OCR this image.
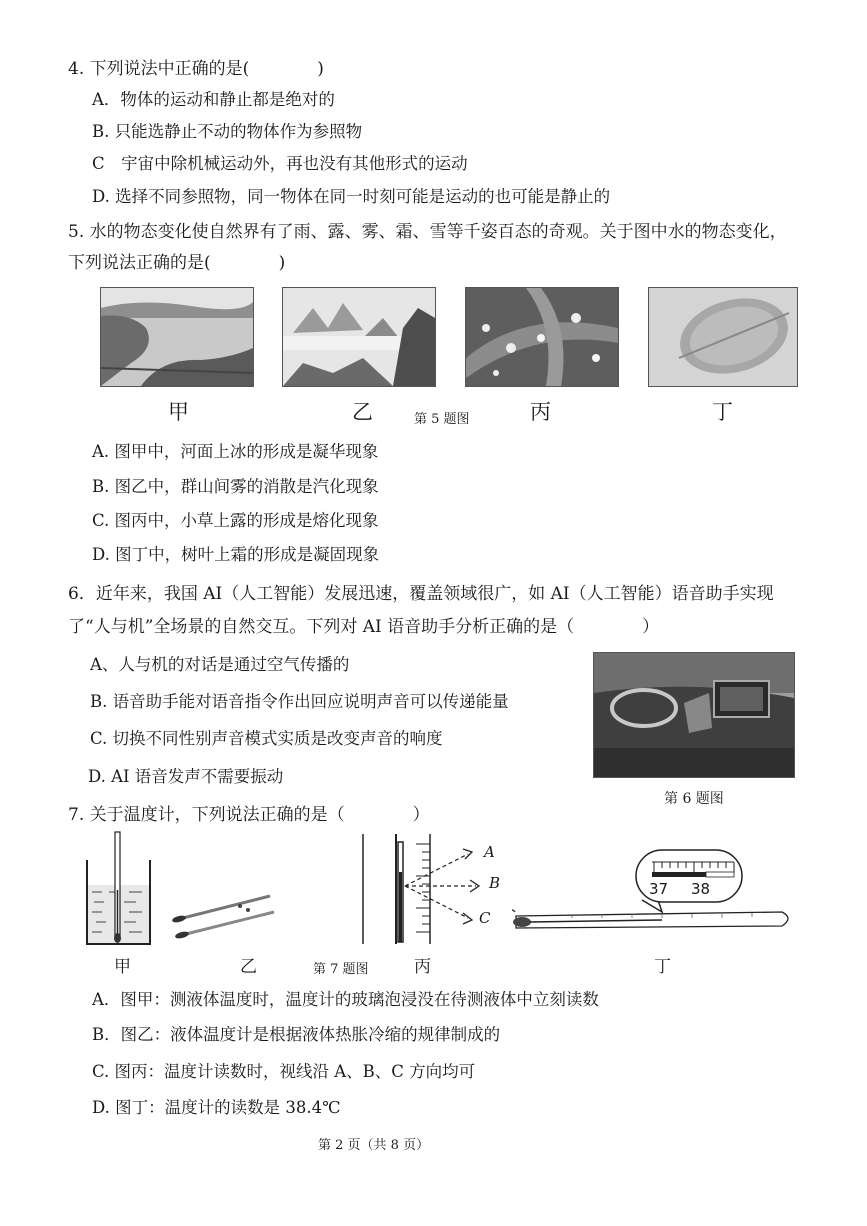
4. 下列说法中正确的是(　　　　)
A．物体的运动和静止都是绝对的
B. 只能选静止不动的物体作为参照物
C　宇宙中除机械运动外，再也没有其他形式的运动
D. 选择不同参照物，同一物体在同一时刻可能是运动的也可能是静止的
5. 水的物态变化使自然界有了雨、露、雾、霜、雪等千姿百态的奇观。关于图中水的物态变化，
下列说法正确的是(　　　　)
甲	乙	第 5 题图	丙	丁
A. 图甲中，河面上冰的形成是凝华现象
B. 图乙中，群山间雾的消散是汽化现象
C. 图丙中，小草上露的形成是熔化现象
D. 图丁中，树叶上霜的形成是凝固现象
6．近年来，我国 AI（人工智能）发展迅速，覆盖领域很广，如 AI（人工智能）语音助手实现
了“人与机”全场景的自然交互。下列对 AI 语音助手分析正确的是（　　　　）
A、人与机的对话是通过空气传播的
B. 语音助手能对语音指令作出回应说明声音可以传递能量
C. 切换不同性别声音模式实质是改变声音的响度
D. AI 语音发声不需要振动
第 6 题图
7. 关于温度计，下列说法正确的是（　　　　）
A
B
C
37 38
甲	乙	第 7 题图	丙	丁
A．图甲：测液体温度时，温度计的玻璃泡浸没在待测液体中立刻读数
B．图乙：液体温度计是根据液体热胀冷缩的规律制成的
C. 图丙：温度计读数时，视线沿 A、B、C 方向均可
D. 图丁：温度计的读数是 38.4℃
第 2 页（共 8 页）
